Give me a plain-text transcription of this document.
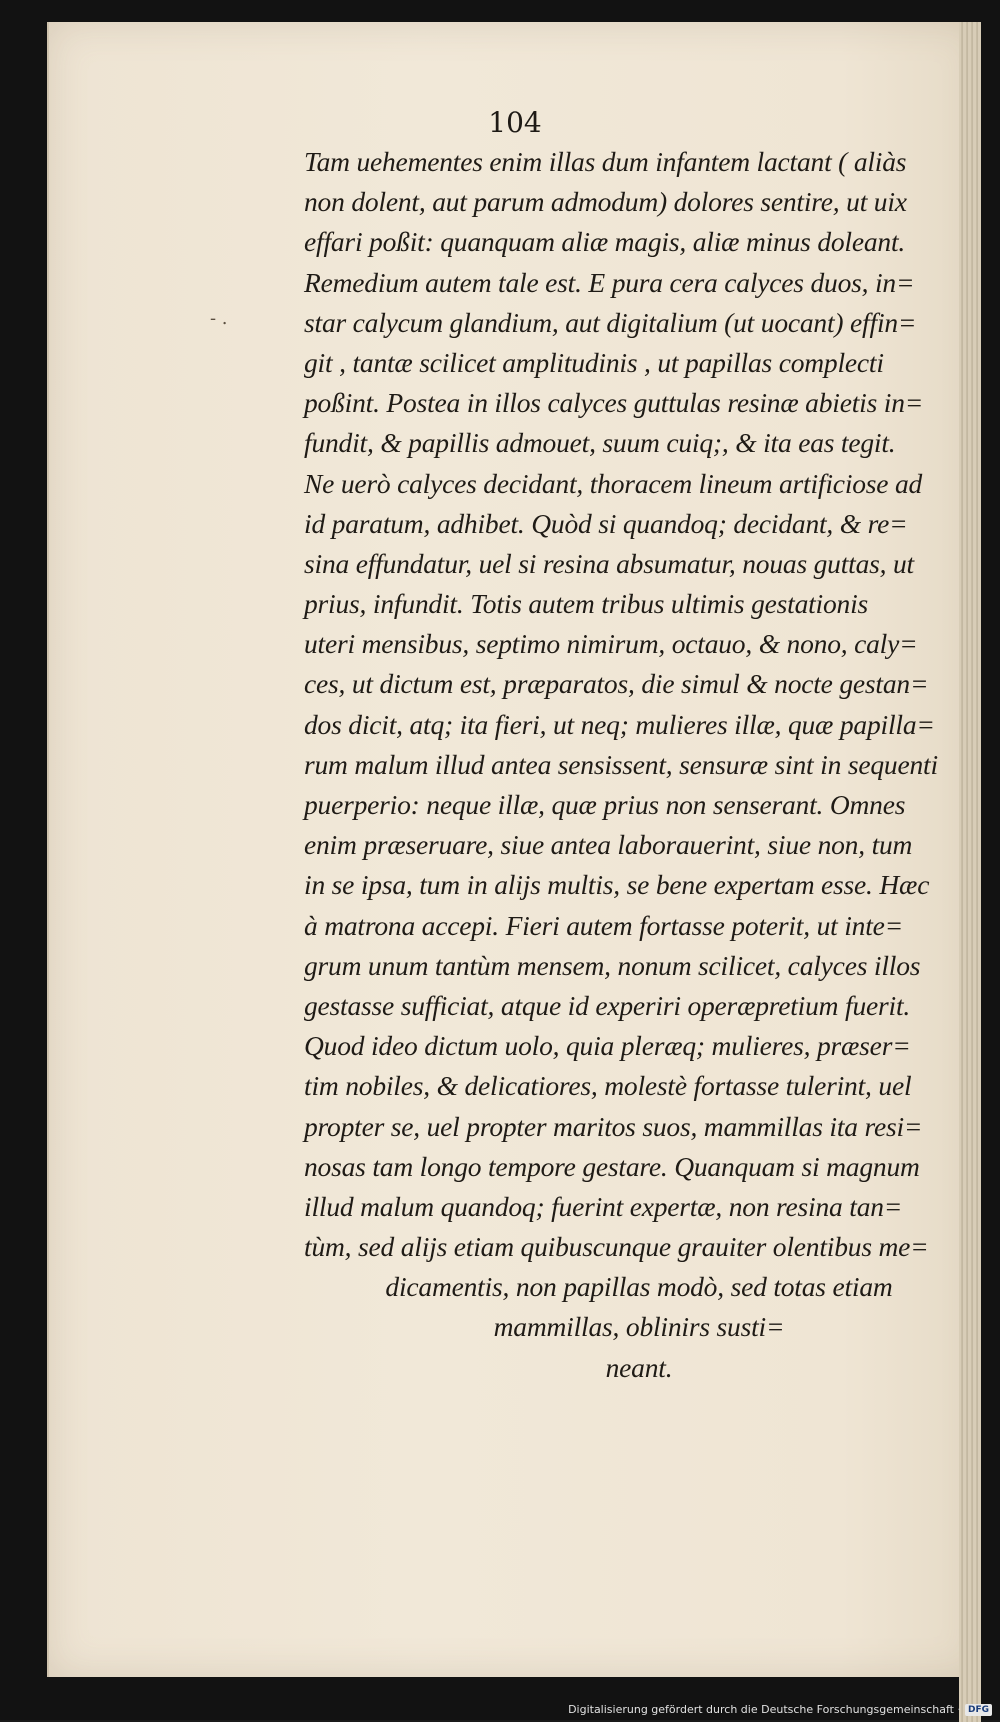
104
Tam uehementes enim illas dum infantem lactant ( aliàs
non dolent, aut parum admodum) dolores sentire, ut uix
effari poßit: quanquam aliæ magis, aliæ minus doleant.
Remedium autem tale est. E pura cera calyces duos, in=
star calycum glandium, aut digitalium (ut uocant) effin=
git , tantæ scilicet amplitudinis , ut papillas complecti
poßint. Postea in illos calyces guttulas resinæ abietis in=
fundit, & papillis admouet, suum cuiq;, & ita eas tegit.
Ne uerò calyces decidant, thoracem lineum artificiose ad
id paratum, adhibet. Quòd si quandoq; decidant, & re=
sina effundatur, uel si resina absumatur, nouas guttas, ut
prius, infundit. Totis autem tribus ultimis gestationis
uteri mensibus, septimo nimirum, octauo, & nono, caly=
ces, ut dictum est, præparatos, die simul & nocte gestan=
dos dicit, atq; ita fieri, ut neq; mulieres illæ, quæ papilla=
rum malum illud antea sensissent, sensuræ sint in sequenti
puerperio: neque illæ, quæ prius non senserant. Omnes
enim præseruare, siue antea laborauerint, siue non, tum
in se ipsa, tum in alijs multis, se bene expertam esse. Hæc
à matrona accepi. Fieri autem fortasse poterit, ut inte=
grum unum tantùm mensem, nonum scilicet, calyces illos
gestasse sufficiat, atque id experiri operæpretium fuerit.
Quod ideo dictum uolo, quia pleræq; mulieres, præser=
tim nobiles, & delicatiores, molestè fortasse tulerint, uel
propter se, uel propter maritos suos, mammillas ita resi=
nosas tam longo tempore gestare. Quanquam si magnum
illud malum quandoq; fuerint expertæ, non resina tan=
tùm, sed alijs etiam quibuscunque grauiter olentibus me=
dicamentis, non papillas modò, sed totas etiam
mammillas, oblinirs susti=
neant.
- .
Digitalisierung gefördert durch die Deutsche Forschungsgemeinschaft · DFG
